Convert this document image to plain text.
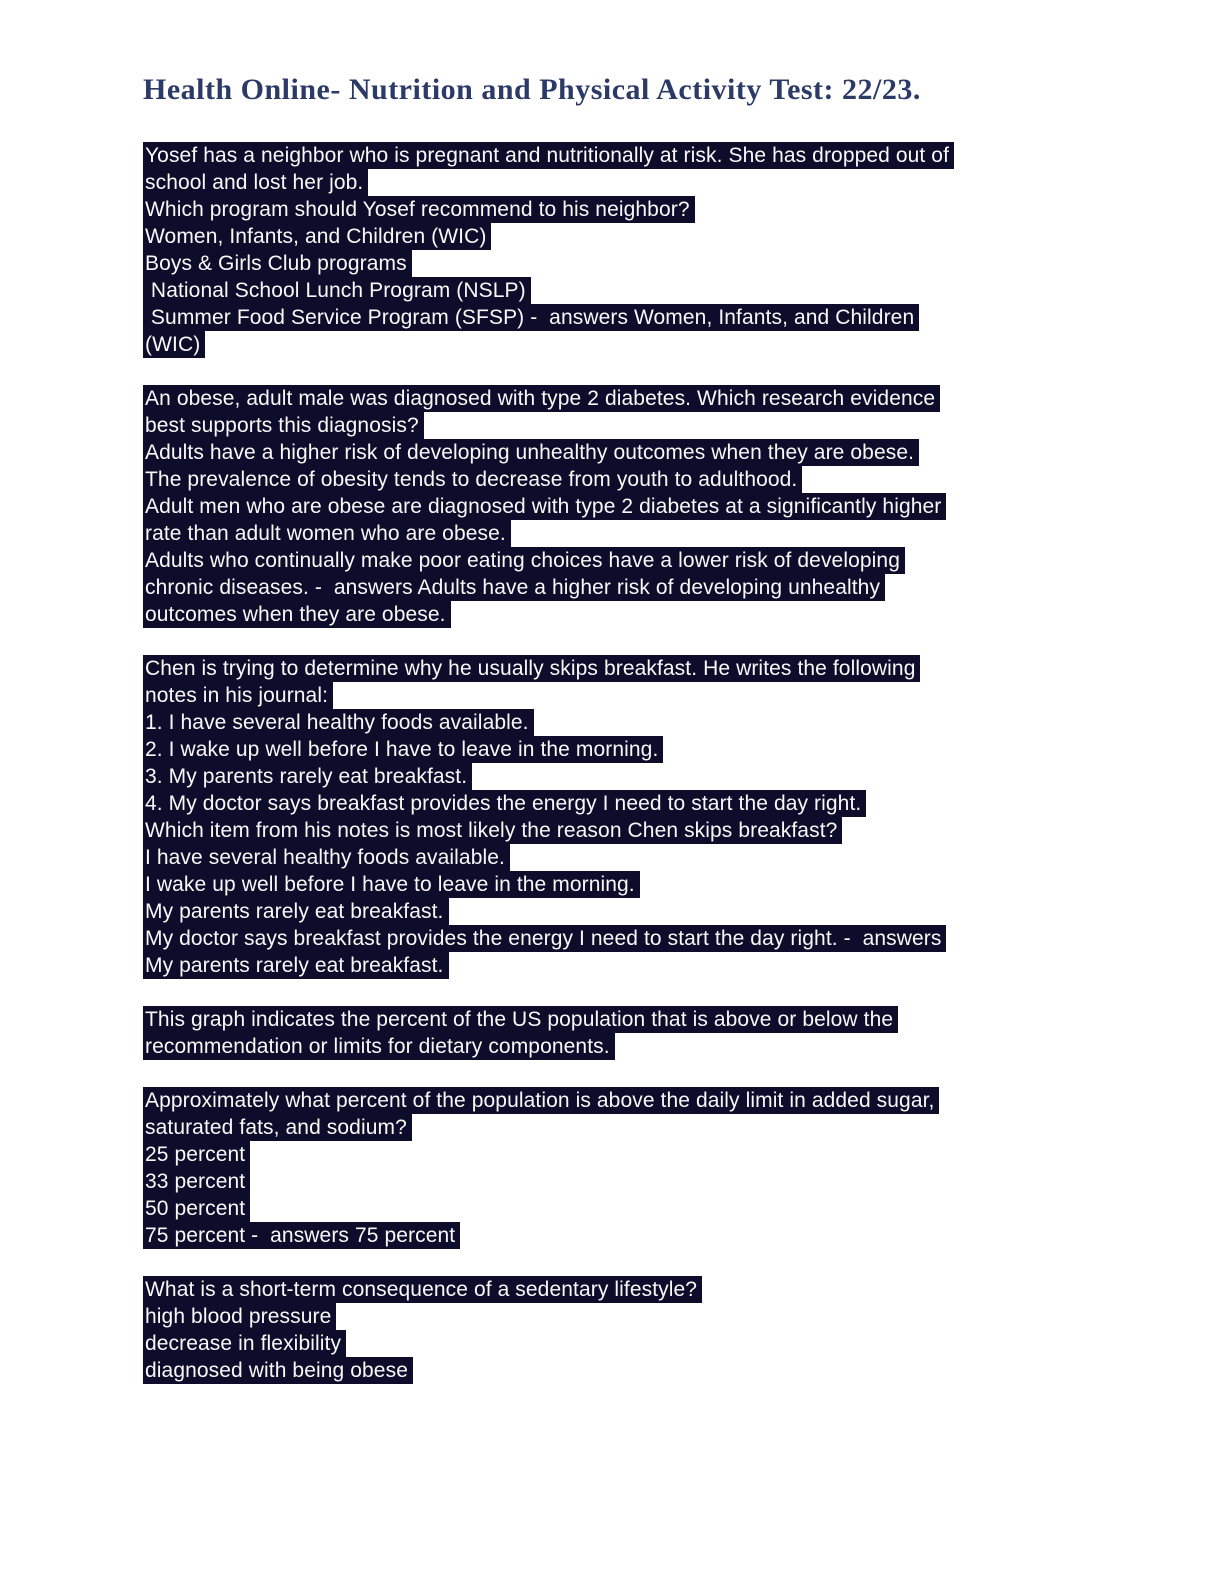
Health Online- Nutrition and Physical Activity Test: 22/23.
Yosef has a neighbor who is pregnant and nutritionally at risk. She has dropped out of
school and lost her job.
Which program should Yosef recommend to his neighbor?
Women, Infants, and Children (WIC)
Boys & Girls Club programs
National School Lunch Program (NSLP)
Summer Food Service Program (SFSP) -  answers Women, Infants, and Children
(WIC)
An obese, adult male was diagnosed with type 2 diabetes. Which research evidence
best supports this diagnosis?
Adults have a higher risk of developing unhealthy outcomes when they are obese.
The prevalence of obesity tends to decrease from youth to adulthood.
Adult men who are obese are diagnosed with type 2 diabetes at a significantly higher
rate than adult women who are obese.
Adults who continually make poor eating choices have a lower risk of developing
chronic diseases. -  answers Adults have a higher risk of developing unhealthy
outcomes when they are obese.
Chen is trying to determine why he usually skips breakfast. He writes the following
notes in his journal:
1. I have several healthy foods available.
2. I wake up well before I have to leave in the morning.
3. My parents rarely eat breakfast.
4. My doctor says breakfast provides the energy I need to start the day right.
Which item from his notes is most likely the reason Chen skips breakfast?
I have several healthy foods available.
I wake up well before I have to leave in the morning.
My parents rarely eat breakfast.
My doctor says breakfast provides the energy I need to start the day right. -  answers
My parents rarely eat breakfast.
This graph indicates the percent of the US population that is above or below the
recommendation or limits for dietary components.
Approximately what percent of the population is above the daily limit in added sugar,
saturated fats, and sodium?
25 percent
33 percent
50 percent
75 percent -  answers 75 percent
What is a short-term consequence of a sedentary lifestyle?
high blood pressure
decrease in flexibility
diagnosed with being obese
